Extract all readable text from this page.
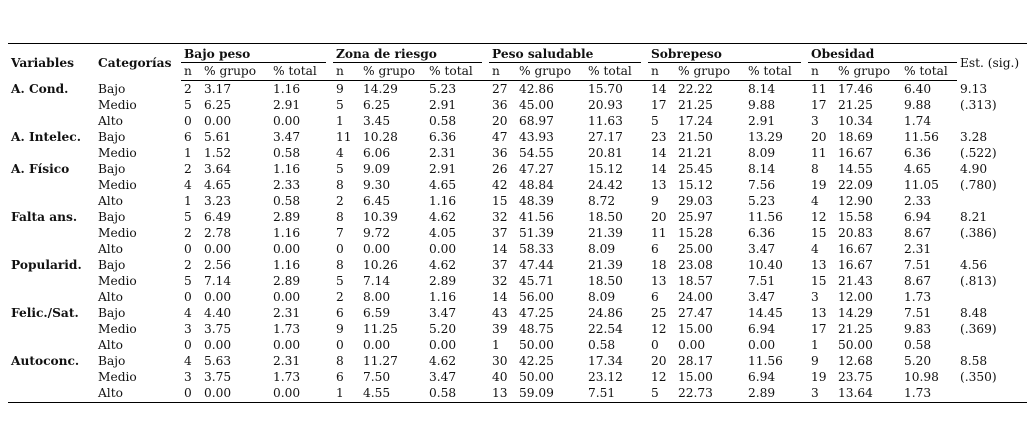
Variables	Categorías	Bajo peso				Zona de riesgo				Peso saludable				Sobrepeso				Obesidad			Est. (sig.)
		n	% grupo	% total		n	% grupo	% total		n	% grupo	% total		n	% grupo	% total		n	% grupo	% total	
A. Cond.	Bajo	2	3.17	1.16		9	14.29	5.23		27	42.86	15.70		14	22.22	8.14		11	17.46	6.40	9.13
	Medio	5	6.25	2.91		5	6.25	2.91		36	45.00	20.93		17	21.25	9.88		17	21.25	9.88	(.313)
	Alto	0	0.00	0.00		1	3.45	0.58		20	68.97	11.63		5	17.24	2.91		3	10.34	1.74	
A. Intelec.	Bajo	6	5.61	3.47		11	10.28	6.36		47	43.93	27.17		23	21.50	13.29		20	18.69	11.56	3.28
	Medio	1	1.52	0.58		4	6.06	2.31		36	54.55	20.81		14	21.21	8.09		11	16.67	6.36	(.522)
A. Físico	Bajo	2	3.64	1.16		5	9.09	2.91		26	47.27	15.12		14	25.45	8.14		8	14.55	4.65	4.90
	Medio	4	4.65	2.33		8	9.30	4.65		42	48.84	24.42		13	15.12	7.56		19	22.09	11.05	(.780)
	Alto	1	3.23	0.58		2	6.45	1.16		15	48.39	8.72		9	29.03	5.23		4	12.90	2.33	
Falta ans.	Bajo	5	6.49	2.89		8	10.39	4.62		32	41.56	18.50		20	25.97	11.56		12	15.58	6.94	8.21
	Medio	2	2.78	1.16		7	9.72	4.05		37	51.39	21.39		11	15.28	6.36		15	20.83	8.67	(.386)
	Alto	0	0.00	0.00		0	0.00	0.00		14	58.33	8.09		6	25.00	3.47		4	16.67	2.31	
Popularid.	Bajo	2	2.56	1.16		8	10.26	4.62		37	47.44	21.39		18	23.08	10.40		13	16.67	7.51	4.56
	Medio	5	7.14	2.89		5	7.14	2.89		32	45.71	18.50		13	18.57	7.51		15	21.43	8.67	(.813)
	Alto	0	0.00	0.00		2	8.00	1.16		14	56.00	8.09		6	24.00	3.47		3	12.00	1.73	
Felic./Sat.	Bajo	4	4.40	2.31		6	6.59	3.47		43	47.25	24.86		25	27.47	14.45		13	14.29	7.51	8.48
	Medio	3	3.75	1.73		9	11.25	5.20		39	48.75	22.54		12	15.00	6.94		17	21.25	9.83	(.369)
	Alto	0	0.00	0.00		0	0.00	0.00		1	50.00	0.58		0	0.00	0.00		1	50.00	0.58	
Autoconc.	Bajo	4	5.63	2.31		8	11.27	4.62		30	42.25	17.34		20	28.17	11.56		9	12.68	5.20	8.58
	Medio	3	3.75	1.73		6	7.50	3.47		40	50.00	23.12		12	15.00	6.94		19	23.75	10.98	(.350)
	Alto	0	0.00	0.00		1	4.55	0.58		13	59.09	7.51		5	22.73	2.89		3	13.64	1.73	
